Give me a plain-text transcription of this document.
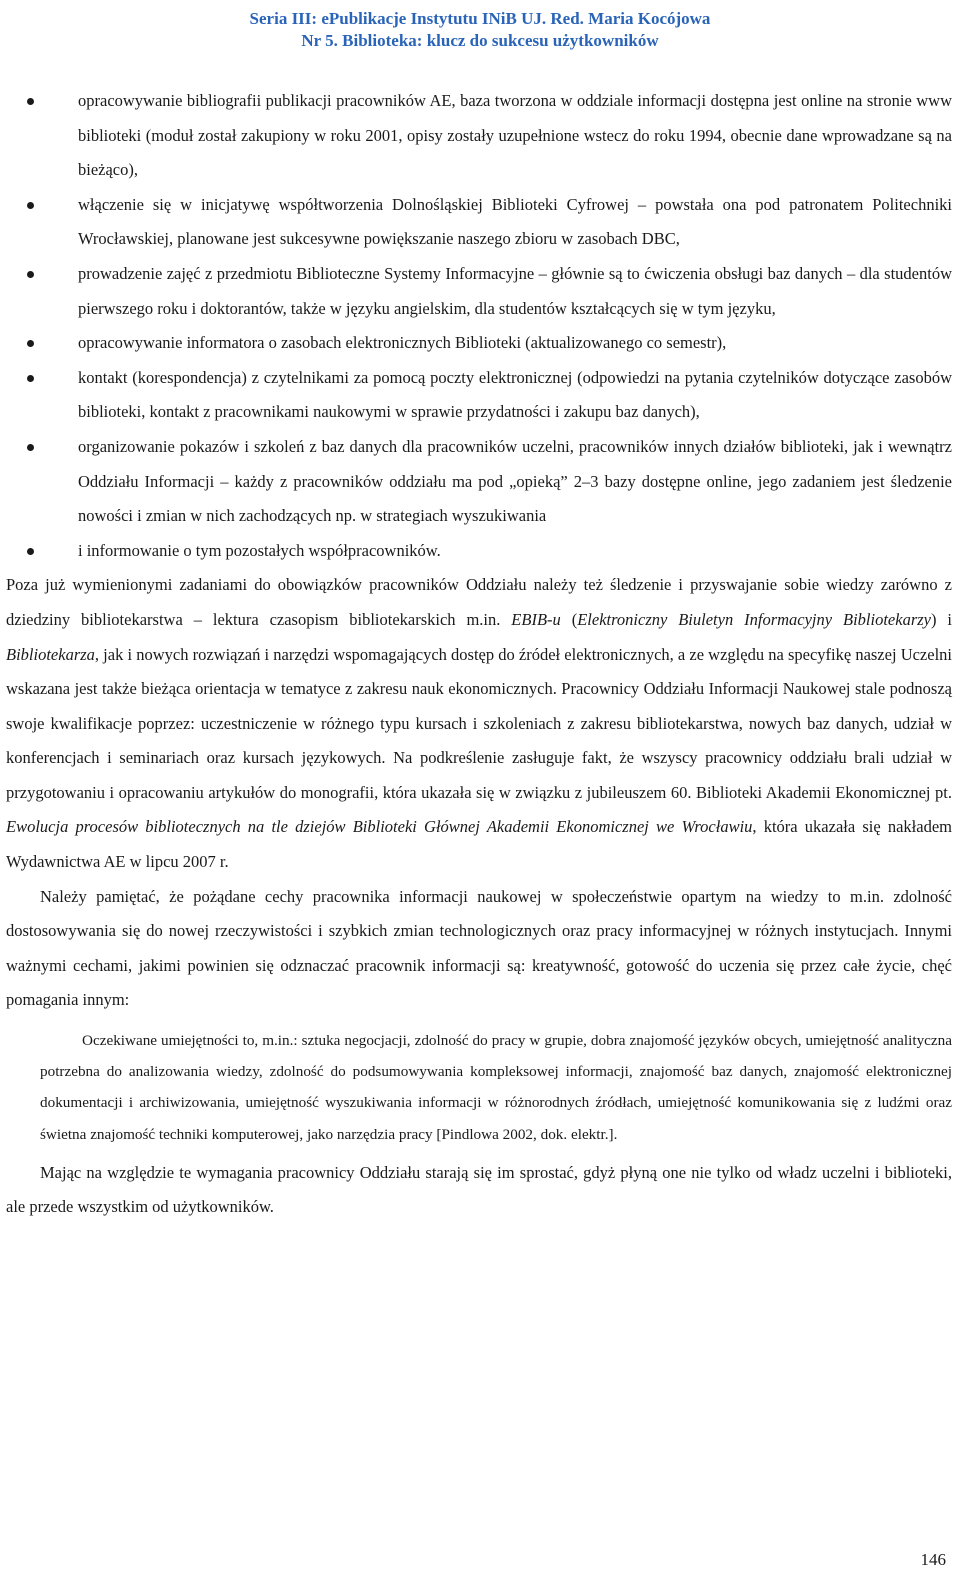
Seria III: ePublikacje Instytutu INiB UJ. Red. Maria Kocójowa
Nr 5. Biblioteka: klucz do sukcesu użytkowników
opracowywanie bibliografii publikacji pracowników AE, baza tworzona w oddziale informacji dostępna jest online na stronie www biblioteki (moduł został zakupiony w roku 2001, opisy zostały uzupełnione wstecz do roku 1994, obecnie dane wprowadzane są na bieżąco),
włączenie się w inicjatywę współtworzenia Dolnośląskiej Biblioteki Cyfrowej – powstała ona pod patronatem Politechniki Wrocławskiej, planowane jest sukcesywne powiększanie naszego zbioru w zasobach DBC,
prowadzenie zajęć z przedmiotu Biblioteczne Systemy Informacyjne – głównie są to ćwiczenia obsługi baz danych – dla studentów pierwszego roku i doktorantów, także w języku angielskim, dla studentów kształcących się w tym języku,
opracowywanie informatora o zasobach elektronicznych Biblioteki (aktualizowanego co semestr),
kontakt (korespondencja) z czytelnikami za pomocą poczty elektronicznej (odpowiedzi na pytania czytelników dotyczące zasobów biblioteki, kontakt z pracownikami naukowymi w sprawie przydatności i zakupu baz danych),
organizowanie pokazów i szkoleń z baz danych dla pracowników uczelni, pracowników innych działów biblioteki, jak i wewnątrz Oddziału Informacji – każdy z pracowników oddziału ma pod „opieką” 2–3 bazy dostępne online, jego zadaniem jest śledzenie nowości i zmian w nich zachodzących np. w strategiach wyszukiwania
i informowanie o tym pozostałych współpracowników.

Poza już wymienionymi zadaniami do obowiązków pracowników Oddziału należy też śledzenie i przyswajanie sobie wiedzy zarówno z dziedziny bibliotekarstwa – lektura czasopism bibliotekarskich m.in. EBIB-u (Elektroniczny Biuletyn Informacyjny Bibliotekarzy) i Bibliotekarza, jak i nowych rozwiązań i narzędzi wspomagających dostęp do źródeł elektronicznych, a ze względu na specyfikę naszej Uczelni wskazana jest także bieżąca orientacja w tematyce z zakresu nauk ekonomicznych. Pracownicy Oddziału Informacji Naukowej stale podnoszą swoje kwalifikacje poprzez: uczestniczenie w różnego typu kursach i szkoleniach z zakresu bibliotekarstwa, nowych baz danych, udział w konferencjach i seminariach oraz kursach językowych. Na podkreślenie zasługuje fakt, że wszyscy pracownicy oddziału brali udział w przygotowaniu i opracowaniu artykułów do monografii, która ukazała się w związku z jubileuszem 60. Biblioteki Akademii Ekonomicznej pt. Ewolucja procesów bibliotecznych na tle dziejów Biblioteki Głównej Akademii Ekonomicznej we Wrocławiu, która ukazała się nakładem Wydawnictwa AE w lipcu 2007 r.

Należy pamiętać, że pożądane cechy pracownika informacji naukowej w społeczeństwie opartym na wiedzy to m.in. zdolność dostosowywania się do nowej rzeczywistości i szybkich zmian technologicznych oraz pracy informacyjnej w różnych instytucjach. Innymi ważnymi cechami, jakimi powinien się odznaczać pracownik informacji są: kreatywność, gotowość do uczenia się przez całe życie, chęć pomagania innym:

Oczekiwane umiejętności to, m.in.: sztuka negocjacji, zdolność do pracy w grupie, dobra znajomość języków obcych, umiejętność analityczna potrzebna do analizowania wiedzy, zdolność do podsumowywania kompleksowej informacji, znajomość baz danych, znajomość elektronicznej dokumentacji i archiwizowania, umiejętność wyszukiwania informacji w różnorodnych źródłach, umiejętność komunikowania się z ludźmi oraz świetna znajomość techniki komputerowej, jako narzędzia pracy [Pindlowa 2002, dok. elektr.].

Mając na względzie te wymagania pracownicy Oddziału starają się im sprostać, gdyż płyną one nie tylko od władz uczelni i biblioteki, ale przede wszystkim od użytkowników.

146
